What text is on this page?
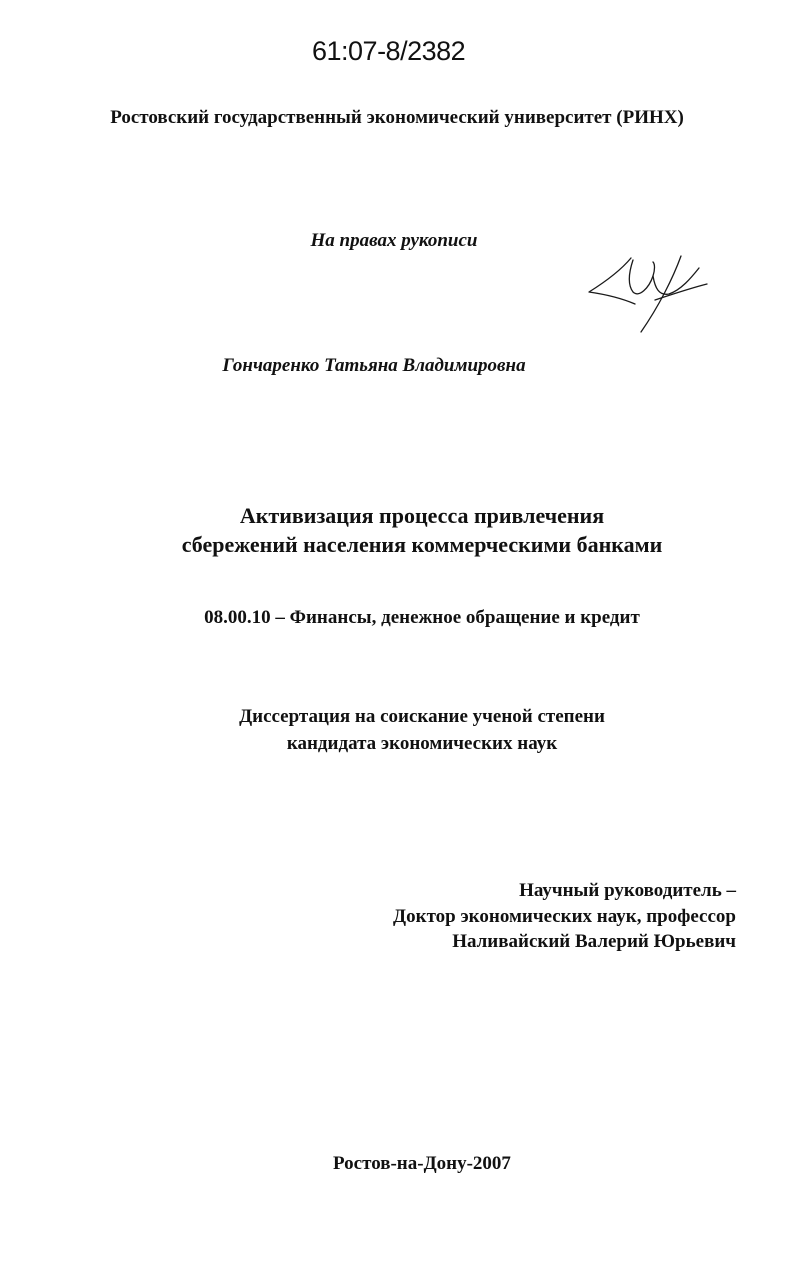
61:07-8/2382
Ростовский государственный экономический университет (РИНХ)
На правах рукописи
Гончаренко Татьяна Владимировна
Активизация процесса привлечения
сбережений населения коммерческими банками
08.00.10 – Финансы, денежное обращение и кредит
Диссертация на соискание ученой степени
кандидата экономических наук
Научный руководитель –
Доктор экономических наук, профессор
Наливайский Валерий Юрьевич
Ростов-на-Дону-2007
